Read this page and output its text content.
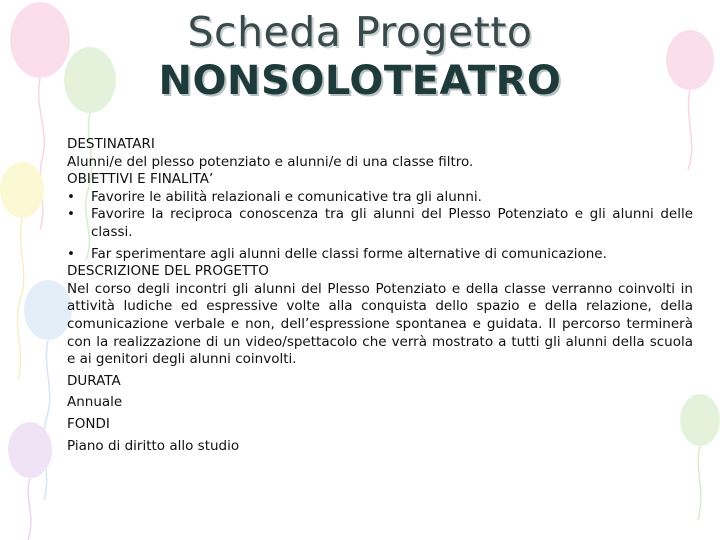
Scheda Progetto
NONSOLOTEATRO

DESTINATARI

Alunni/e del plesso potenziato e alunni/e di una classe filtro.

OBIETTIVI E FINALITA’

•	Favorire le abilità relazionali e comunicative tra gli alunni.
•	Favorire la reciproca conoscenza tra gli alunni del Plesso Potenziato e gli alunni delle classi.
•	Far sperimentare agli alunni delle classi forme alternative di comunicazione.

DESCRIZIONE DEL PROGETTO

Nel corso degli incontri gli alunni del Plesso Potenziato e della classe verranno coinvolti in attività ludiche ed espressive volte alla conquista dello spazio e della relazione, della comunicazione verbale e non, dell’espressione spontanea e guidata. Il percorso terminerà con la realizzazione di un video/spettacolo che verrà mostrato a tutti gli alunni della scuola e ai genitori degli alunni coinvolti.

DURATA

Annuale

FONDI

Piano di diritto allo studio
